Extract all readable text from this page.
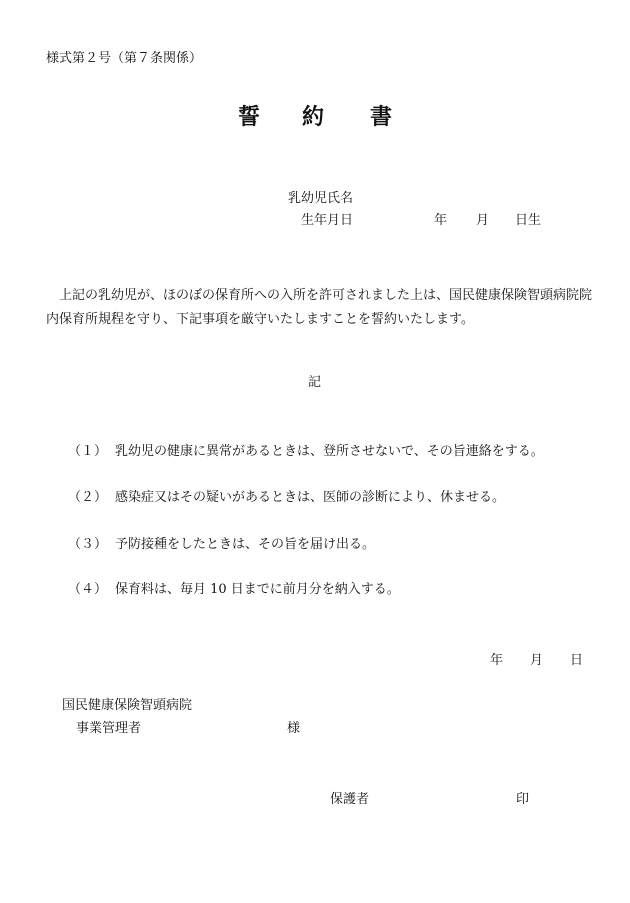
様式第２号（第７条関係）
誓 約 書
乳幼児氏名
生年月日	年 月 日生
上記の乳幼児が、ほのぼの保育所への入所を許可されました上は、国民健康保険智頭病院院内保育所規程を守り、下記事項を厳守いたしますことを誓約いたします。
記
（１） 乳幼児の健康に異常があるときは、登所させないで、その旨連絡をする。
（２） 感染症又はその疑いがあるときは、医師の診断により、休ませる。
（３） 予防接種をしたときは、その旨を届け出る。
（４） 保育料は、毎月 10 日までに前月分を納入する。
年 月 日
国民健康保険智頭病院
事業管理者	様
保護者	印
